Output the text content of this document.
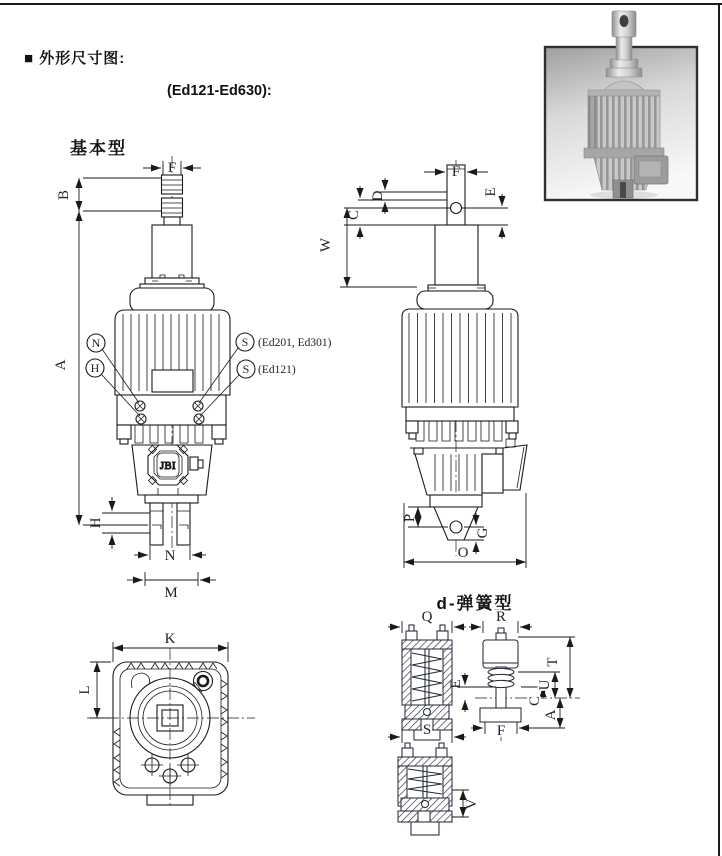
■ 外形尺寸图:
(Ed121-Ed630):
基本型
d-弹簧型
JBI
N
H
S (Ed201, Ed301)
S (Ed121)
F
B
A
H
N
M
F
D
C
E
W
P
G
O
K
L
Q
S
V
R
F
E
T
U
C
A
